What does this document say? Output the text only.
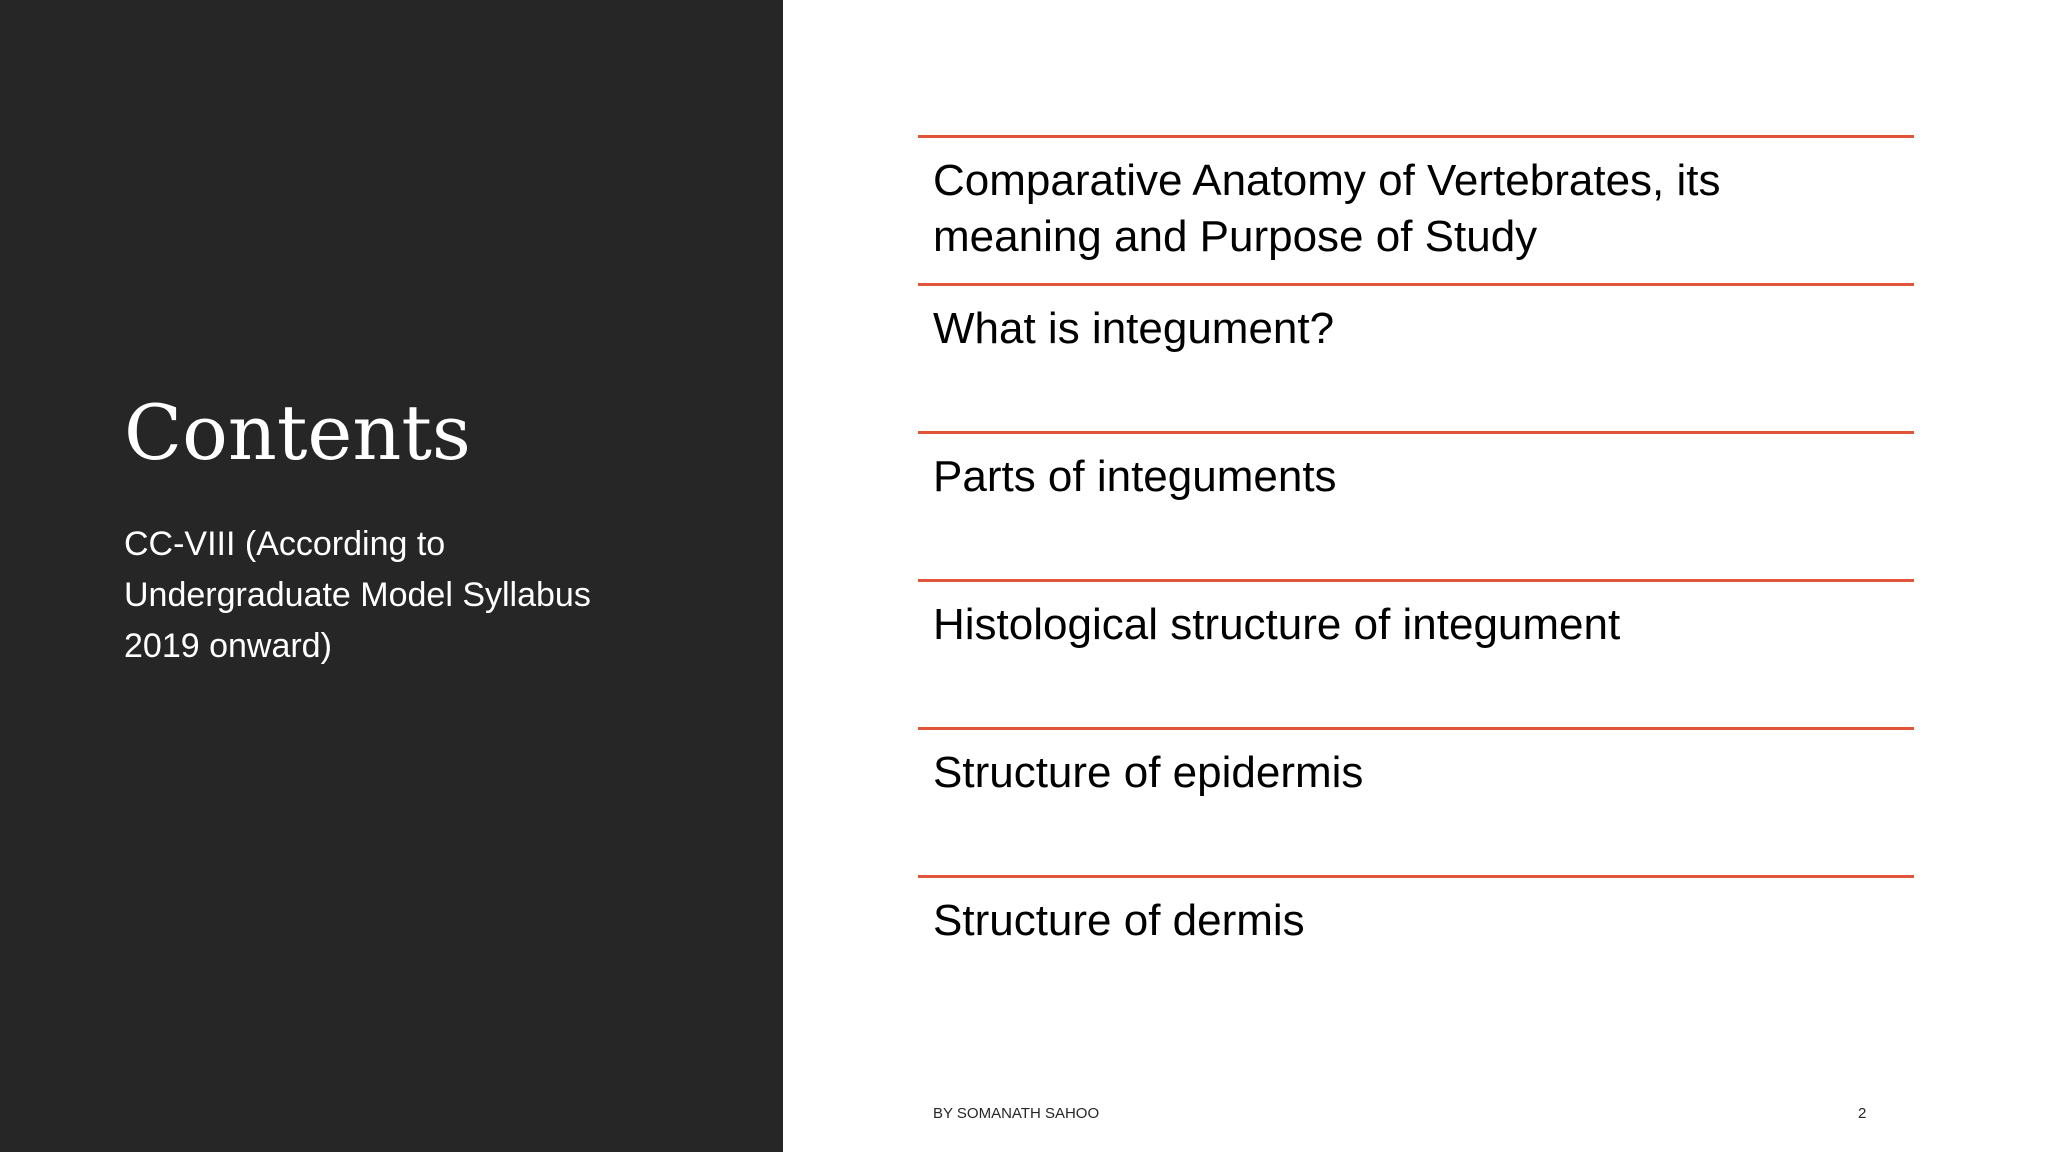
Contents

CC-VIII (According to Undergraduate Model Syllabus 2019 onward)

Comparative Anatomy of Vertebrates, its meaning and Purpose of Study

What is integument?

Parts of integuments

Histological structure of integument

Structure of epidermis

Structure of dermis

BY SOMANATH SAHOO	2
